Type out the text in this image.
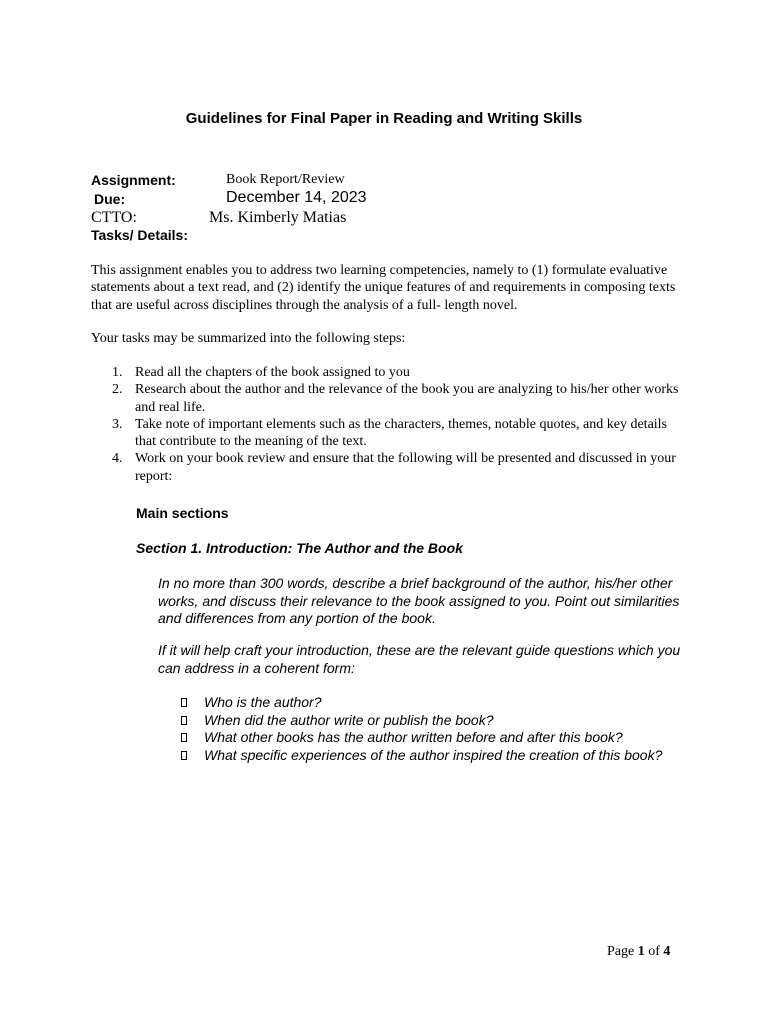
Guidelines for Final Paper in Reading and Writing Skills
Assignment:	Book Report/Review
Due:	December 14, 2023
CTTO:	Ms. Kimberly Matias
Tasks/ Details:
This assignment enables you to address two learning competencies, namely to (1) formulate evaluative statements about a text read, and (2) identify the unique features of and requirements in composing texts that are useful across disciplines through the analysis of a full- length novel.
Your tasks may be summarized into the following steps:
1. Read all the chapters of the book assigned to you
2. Research about the author and the relevance of the book you are analyzing to his/her other works and real life.
3. Take note of important elements such as the characters, themes, notable quotes, and key details that contribute to the meaning of the text.
4. Work on your book review and ensure that the following will be presented and discussed in your report:
Main sections
Section 1. Introduction: The Author and the Book
In no more than 300 words, describe a brief background of the author, his/her other works, and discuss their relevance to the book assigned to you. Point out similarities and differences from any portion of the book.
If it will help craft your introduction, these are the relevant guide questions which you can address in a coherent form:
Who is the author?
When did the author write or publish the book?
What other books has the author written before and after this book?
What specific experiences of the author inspired the creation of this book?
Page 1 of 4
